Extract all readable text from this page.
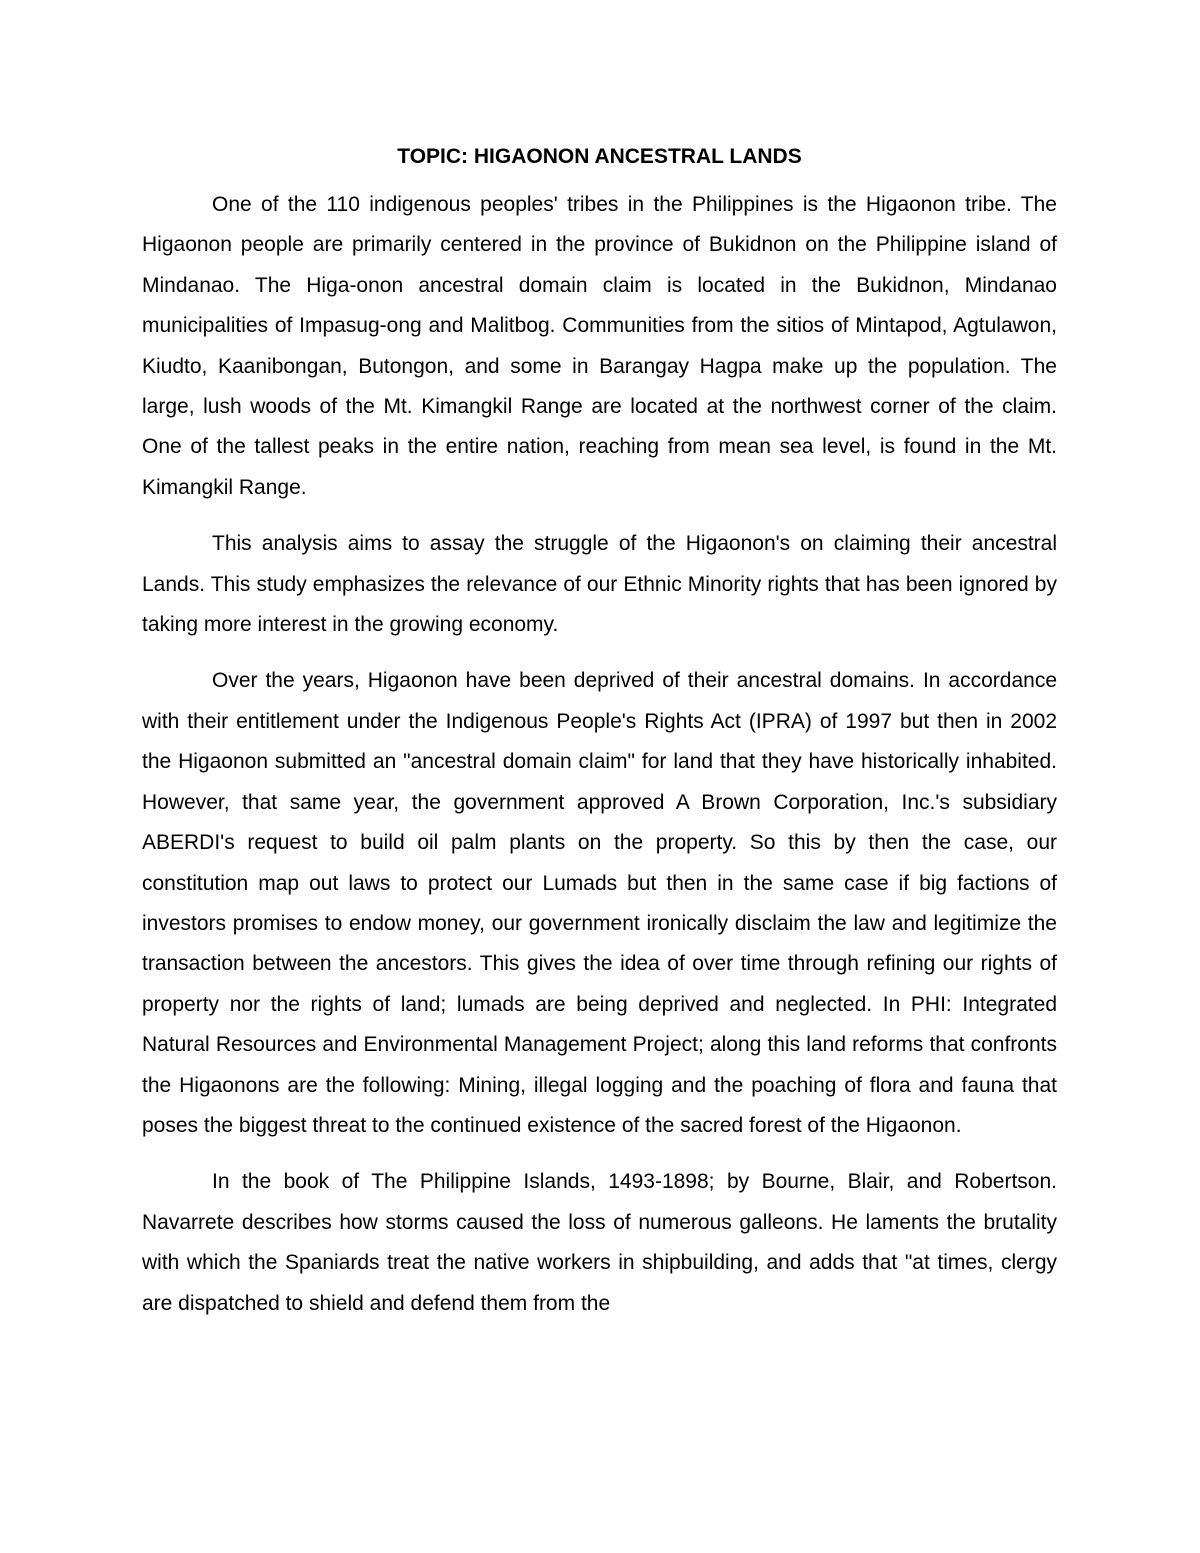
TOPIC: HIGAONON ANCESTRAL LANDS

One of the 110 indigenous peoples' tribes in the Philippines is the Higaonon tribe. The Higaonon people are primarily centered in the province of Bukidnon on the Philippine island of Mindanao. The Higa-onon ancestral domain claim is located in the Bukidnon, Mindanao municipalities of Impasug-ong and Malitbog. Communities from the sitios of Mintapod, Agtulawon, Kiudto, Kaanibongan, Butongon, and some in Barangay Hagpa make up the population. The large, lush woods of the Mt. Kimangkil Range are located at the northwest corner of the claim. One of the tallest peaks in the entire nation, reaching from mean sea level, is found in the Mt. Kimangkil Range.

This analysis aims to assay the struggle of the Higaonon's on claiming their ancestral Lands. This study emphasizes the relevance of our Ethnic Minority rights that has been ignored by taking more interest in the growing economy.

Over the years, Higaonon have been deprived of their ancestral domains. In accordance with their entitlement under the Indigenous People's Rights Act (IPRA) of 1997 but then in 2002 the Higaonon submitted an "ancestral domain claim" for land that they have historically inhabited. However, that same year, the government approved A Brown Corporation, Inc.'s subsidiary ABERDI's request to build oil palm plants on the property. So this by then the case, our constitution map out laws to protect our Lumads but then in the same case if big factions of investors promises to endow money, our government ironically disclaim the law and legitimize the transaction between the ancestors. This gives the idea of over time through refining our rights of property nor the rights of land; lumads are being deprived and neglected. In PHI: Integrated Natural Resources and Environmental Management Project; along this land reforms that confronts the Higaonons are the following: Mining, illegal logging and the poaching of flora and fauna that poses the biggest threat to the continued existence of the sacred forest of the Higaonon.

In the book of The Philippine Islands, 1493-1898; by Bourne, Blair, and Robertson. Navarrete describes how storms caused the loss of numerous galleons. He laments the brutality with which the Spaniards treat the native workers in shipbuilding, and adds that "at times, clergy are dispatched to shield and defend them from the
